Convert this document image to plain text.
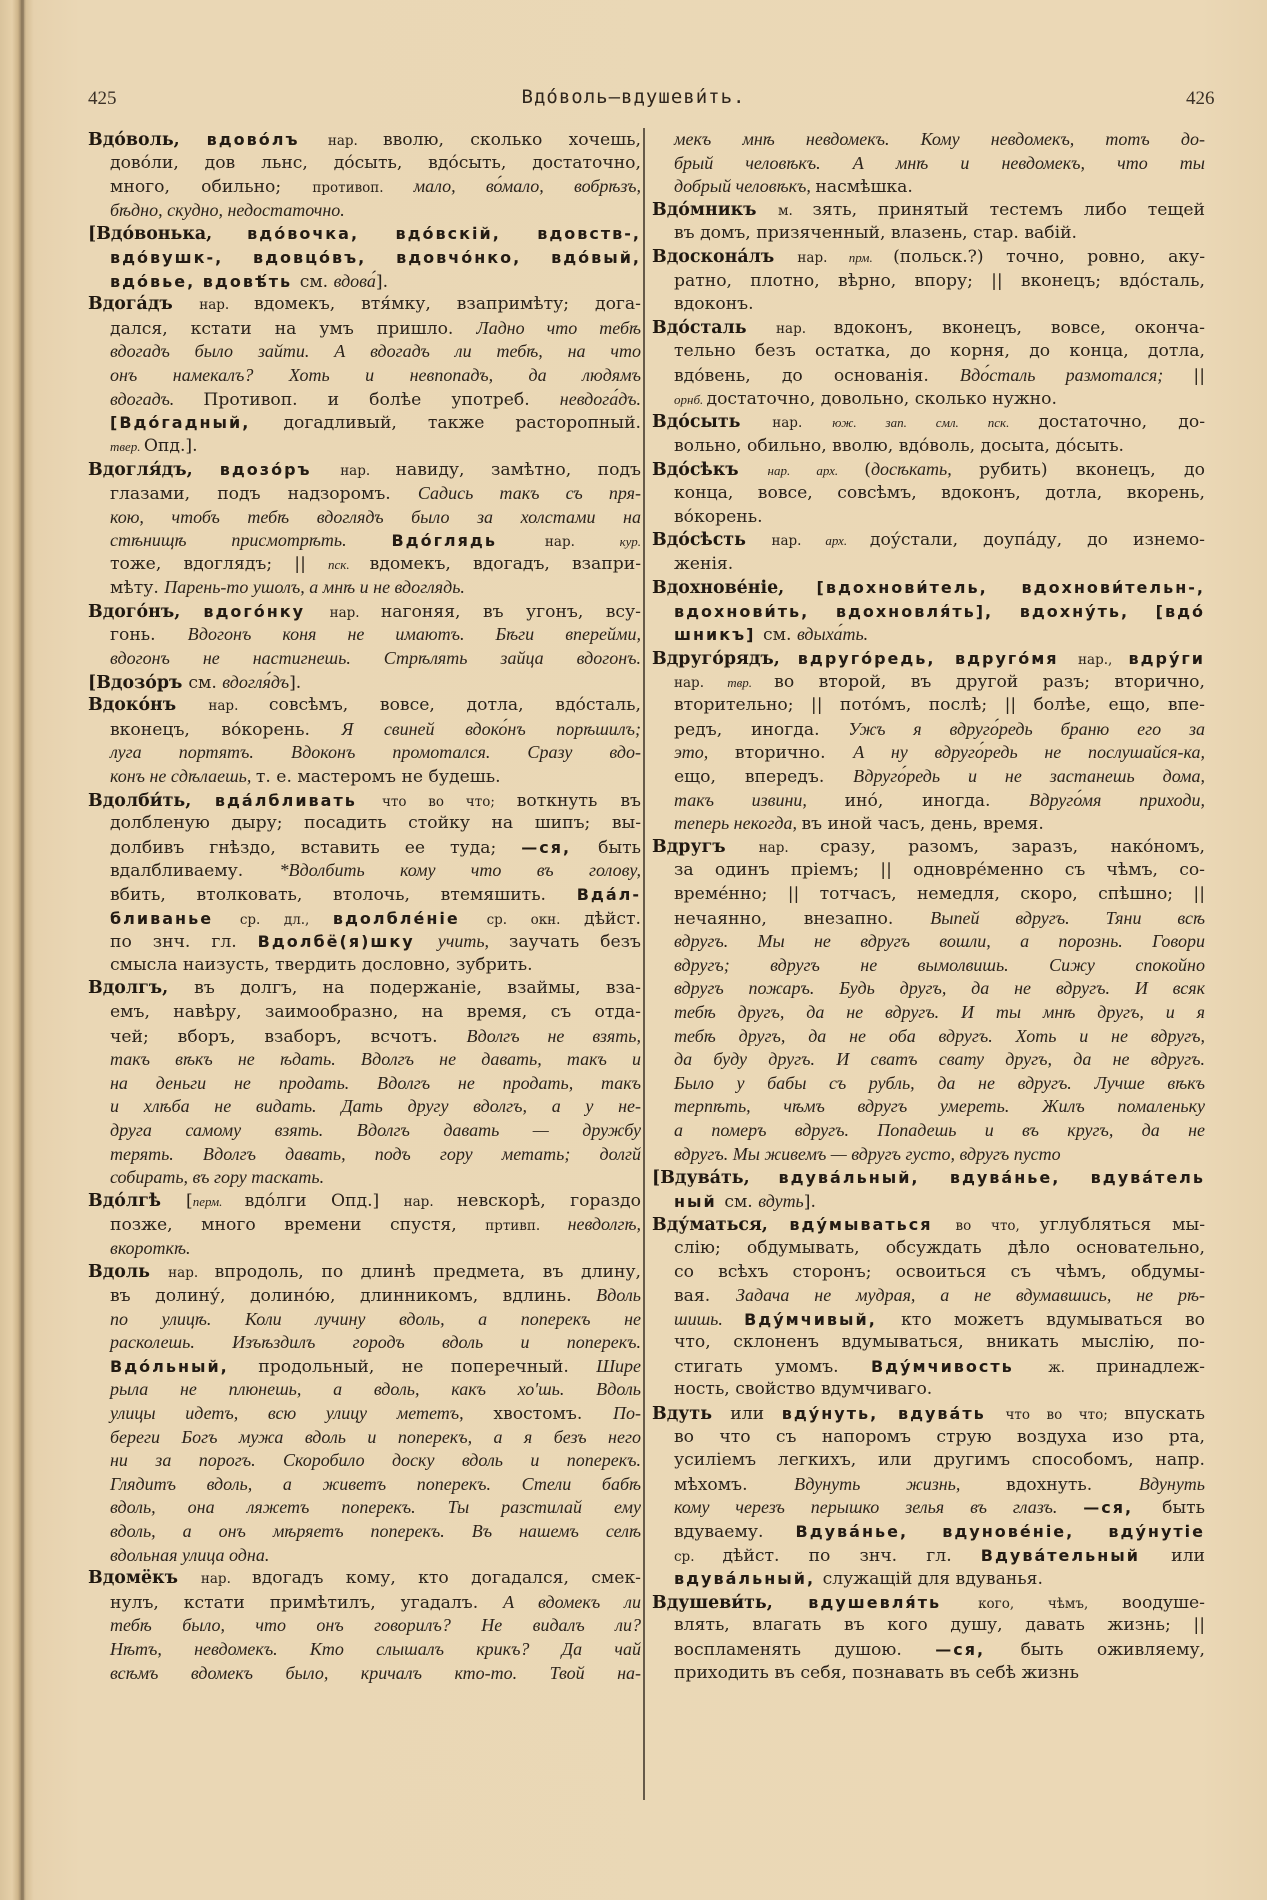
425	Вдо́воль—вдушеви́ть.	426
Вдо́воль, вдово́лъ нар. вволю, сколько хочешь,
дово́ли, дов льнс, до́сыть, вдо́сыть, достаточно,
много, обильно; противоп. мало, во́мало, вобрѣзъ,
бѣдно, скудно, недостаточно.
[Вдо́вонька, вдо́вочка, вдо́вскій, вдовств-,
вдо́вушк-, вдовцо́въ, вдовчо́нко, вдо́вый,
вдо́вье, вдовѣ́ть см. вдова́].
Вдога́дъ нар. вдомекъ, втя́мку, взапримѣту; дога-
дался, кстати на умъ пришло. Ладно что тебѣ
вдогадъ было зайти. А вдогадъ ли тебѣ, на что
онъ намекалъ? Хоть и невпопадъ, да людямъ
вдогадъ. Противоп. и болѣе употреб. невдога́дъ.
[Вдо́гадный, догадливый, также расторопный.
твер. Опд.].
Вдогля́дъ, вдозо́ръ нар. навиду, замѣтно, подъ
глазами, подъ надзоромъ. Садись такъ съ пря-
кою, чтобъ тебѣ вдоглядъ было за холстами на
стѣнищѣ присмотрѣть. Вдо́глядь нар. кур.
тоже, вдоглядъ; || пск. вдомекъ, вдогадъ, взапри-
мѣту. Парень-то ушолъ, а мнѣ и не вдоглядь.
Вдого́нъ, вдого́нку нар. нагоняя, въ угонъ, всу-
гонь. Вдогонъ коня не имаютъ. Бѣги вперейми,
вдогонъ не настигнешь. Стрѣлять зайца вдогонъ.
[Вдозо́ръ см. вдогля́дъ].
Вдоко́нъ нар. совсѣмъ, вовсе, дотла, вдо́сталь,
вконецъ, во́корень. Я свиней вдоко́нъ порѣшилъ;
луга портятъ. Вдоконъ промотался. Сразу вдо-
конъ не сдѣлаешь, т. е. мастеромъ не будешь.
Вдолби́ть, вда́лбливать что во что; воткнуть въ
долбленую дыру; посадить стойку на шипъ; вы-
долбивъ гнѣздо, вставить ее туда; —ся, быть
вдалбливаему. *Вдолбить кому что въ голову,
вбить, втолковать, втолочь, втемяшить. Вда́л-
бливанье ср. дл., вдолбле́ніе ср. окн. дѣйст.
по знч. гл. Вдолбё(я)шку учить, заучать безъ
смысла наизусть, твердить дословно, зубрить.
Вдолгъ, въ долгъ, на подержаніе, взаймы, вза-
емъ, навѣру, заимообразно, на время, съ отда-
чей; вборъ, взаборъ, всчотъ. Вдолгъ не взять,
такъ вѣкъ не ѣдать. Вдолгъ не давать, такъ и
на деньги не продать. Вдолгъ не продать, такъ
и хлѣба не видать. Дать другу вдолгъ, а у не-
друга самому взять. Вдолгъ давать — дружбу
терять. Вдолгъ давать, подъ гору метать; долгй
собирать, въ гору таскать.
Вдо́лгѣ [перм. вдо́лги Опд.] нар. невскорѣ, гораздо
позже, много времени спустя, пртивп. невдолгѣ,
вкороткѣ.
Вдоль нар. впродоль, по длинѣ предмета, въ длину,
въ долину́, долино́ю, длинникомъ, вдлинь. Вдоль
по улицѣ. Коли лучину вдоль, а поперекъ не
расколешь. Изъѣздилъ городъ вдоль и поперекъ.
Вдо́льный, продольный, не поперечный. Шире
рыла не плюнешь, а вдоль, какъ хо'шь. Вдоль
улицы идетъ, всю улицу мететъ, хвостомъ. По-
береги Богъ мужа вдоль и поперекъ, а я безъ него
ни за порогъ. Скоробило доску вдоль и поперекъ.
Глядитъ вдоль, а живетъ поперекъ. Стели бабѣ
вдоль, она ляжетъ поперекъ. Ты разстилай ему
вдоль, а онъ мѣряетъ поперекъ. Въ нашемъ селѣ
вдольная улица одна.
Вдомёкъ нар. вдогадъ кому, кто догадался, смек-
нулъ, кстати примѣтилъ, угадалъ. А вдомекъ ли
тебѣ было, что онъ говорилъ? Не видалъ ли?
Нѣтъ, невдомекъ. Кто слышалъ крикъ? Да чай
всѣмъ вдомекъ было, кричалъ кто-то. Твой на-
мекъ мнѣ невдомекъ. Кому невдомекъ, тотъ до-
брый человѣкъ. А мнѣ и невдомекъ, что ты
добрый человѣкъ, насмѣшка.
Вдо́мникъ м. зять, принятый тестемъ либо тещей
въ домъ, призяченный, влазень, стар. вабій.
Вдоскона́лъ нар. прм. (польск.?) точно, ровно, аку-
ратно, плотно, вѣрно, впору; || вконецъ; вдо́сталь,
вдоконъ.
Вдо́сталь нар. вдоконъ, вконецъ, вовсе, оконча-
тельно безъ остатка, до корня, до конца, дотла,
вдо́вень, до основанія. Вдо́сталь размотался; ||
орнб. достаточно, довольно, сколько нужно.
Вдо́сыть нар. юж. зап. смл. пск. достаточно, до-
вольно, обильно, вволю, вдо́воль, досыта, до́сыть.
Вдо́сѣкъ нар. арх. (досѣкать, рубить) вконецъ, до
конца, вовсе, совсѣмъ, вдоконъ, дотла, вкорень,
во́корень.
Вдо́сѣсть нар. арх. доу́стали, доупа́ду, до изнемо-
женія.
Вдохнове́ніе, [вдохнови́тель, вдохнови́тельн-,
вдохнови́ть, вдохновля́ть], вдохну́ть, [вдо́
шникъ] см. вдыха́ть.
Вдруго́рядъ, вдруго́редь, вдруго́мя нар., вдру́ги
нар. твр. во второй, въ другой разъ; вторично,
вторительно; || пото́мъ, послѣ; || болѣе, ещо, впе-
редъ, иногда. Ужъ я вдруго́редь браню его за
это, вторично. А ну вдруго́редь не послушайся-ка,
ещо, впередъ. Вдруго́редь и не застанешь дома,
такъ извини, инó, иногда. Вдруго́мя приходи,
теперь некогда, въ иной часъ, день, время.
Вдругъ нар. сразу, разомъ, заразъ, нако́номъ,
за одинъ пріемъ; || одновре́менно съ чѣмъ, со-
време́нно; || тотчасъ, немедля, скоро, спѣшно; ||
нечаянно, внезапно. Выпей вдругъ. Тяни всѣ
вдругъ. Мы не вдругъ вошли, а порознь. Говори
вдругъ; вдругъ не вымолвишь. Сижу спокойно
вдругъ пожаръ. Будь другъ, да не вдругъ. И всяк
тебѣ другъ, да не вдругъ. И ты мнѣ другъ, и я
тебѣ другъ, да не оба вдругъ. Хоть и не вдругъ,
да буду другъ. И сватъ свату другъ, да не вдругъ.
Было у бабы съ рубль, да не вдругъ. Лучше вѣкъ
терпѣть, чѣмъ вдругъ умереть. Жилъ помаленьку
а померъ вдругъ. Попадешь и въ кругъ, да не
вдругъ. Мы живемъ — вдругъ густо, вдругъ пусто
[Вдува́ть, вдува́льный, вдува́нье, вдува́тель
ный см. вдуть].
Вду́маться, вду́мываться во что, углубляться мы-
слію; обдумывать, обсуждать дѣло основательно,
со всѣхъ сторонъ; освоиться съ чѣмъ, обдумы-
вая. Задача не мудрая, а не вдумавшись, не рѣ-
шишь. Вду́мчивый, кто можетъ вдумываться во
что, склоненъ вдумываться, вникать мыслію, по-
стигать умомъ. Вду́мчивость ж. принадлеж-
ность, свойство вдумчиваго.
Вдуть или вду́нуть, вдува́ть что во что; впускать
во что съ напоромъ струю воздуха изо рта,
усиліемъ легкихъ, или другимъ способомъ, напр.
мѣхомъ. Вдунуть жизнь, вдохнуть. Вдунуть
кому черезъ перышко зелья въ глазъ. —ся, быть
вдуваему. Вдува́нье, вдунове́ніе, вду́нутіе
ср. дѣйст. по знч. гл. Вдува́тельный или
вдува́льный, служащій для вдуванья.
Вдушеви́ть, вдушевля́ть кого, чѣмъ, воодуше-
влять, влагать въ кого душу, давать жизнь; ||
воспламенять душою. —ся, быть оживляему,
приходить въ себя, познавать въ себѣ жизнь
